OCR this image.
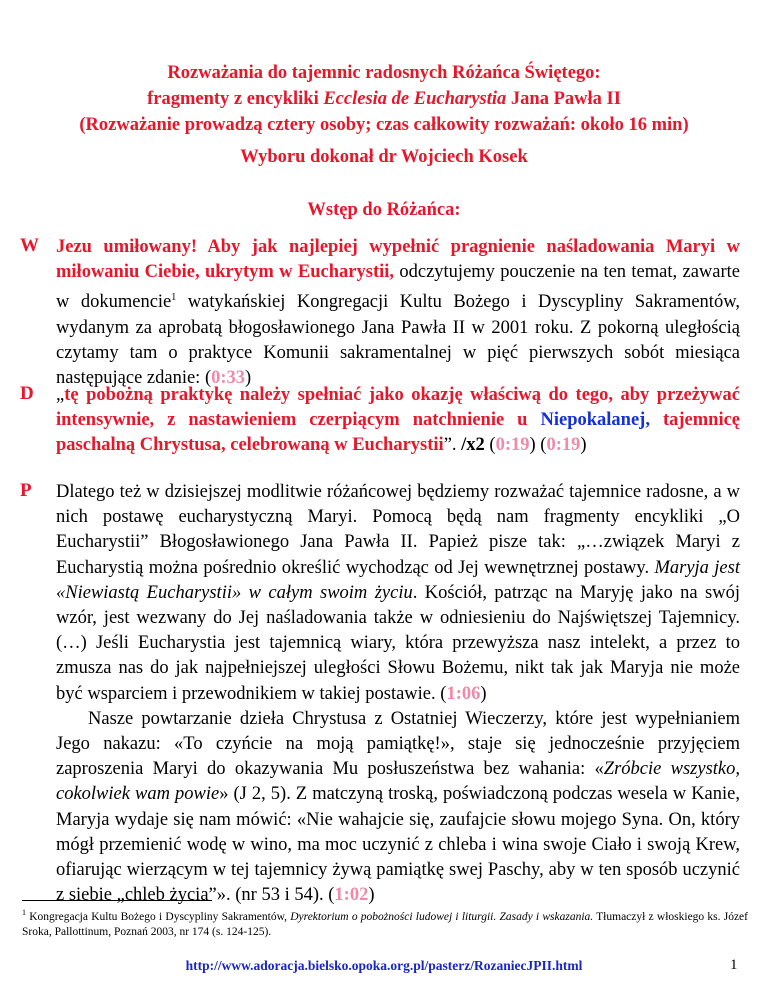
Rozważania do tajemnic radosnych Różańca Świętego:
fragmenty z encykliki Ecclesia de Eucharystia Jana Pawła II
(Rozważanie prowadzą cztery osoby; czas całkowity rozważań: około 16 min)
Wyboru dokonał dr Wojciech Kosek
Wstęp do Różańca:
W Jezu umiłowany! Aby jak najlepiej wypełnić pragnienie naśladowania Maryi w miłowaniu Ciebie, ukrytym w Eucharystii, odczytujemy pouczenie na ten temat, zawarte w dokumencie$^1$ watykańskiej Kongregacji Kultu Bożego i Dyscypliny Sakramentów, wydanym za aprobatą błogosławionego Jana Pawła II w 2001 roku. Z pokorną uległością czytamy tam o praktyce Komunii sakramentalnej w pięć pierwszych sobót miesiąca następujące zdanie: (0:33)
D „tę pobożną praktykę należy spełniać jako okazję właściwą do tego, aby przeżywać intensywnie, z nastawieniem czerpiącym natchnienie u Niepokalanej, tajemnicę paschalną Chrystusa, celebrowaną w Eucharystii”. /x2 (0:19) (0:19)
P Dlatego też w dzisiejszej modlitwie różańcowej będziemy rozważać tajemnice radosne, a w nich postawę eucharystyczną Maryi. Pomocą będą nam fragmenty encykliki „O Eucharystii” Błogosławionego Jana Pawła II. Papież pisze tak: „…związek Maryi z Eucharystią można pośrednio określić wychodząc od Jej wewnętrznej postawy. Maryja jest «Niewiastą Eucharystii» w całym swoim życiu. Kościół, patrząc na Maryję jako na swój wzór, jest wezwany do Jej naśladowania także w odniesieniu do Najświętszej Tajemnicy. (…) Jeśli Eucharystia jest tajemnicą wiary, która przewyższa nasz intelekt, a przez to zmusza nas do jak najpełniejszej uległości Słowu Bożemu, nikt tak jak Maryja nie może być wsparciem i przewodnikiem w takiej postawie. (1:06)
Nasze powtarzanie dzieła Chrystusa z Ostatniej Wieczerzy, które jest wypełnianiem Jego nakazu: «To czyńcie na moją pamiątkę!», staje się jednocześnie przyjęciem zaproszenia Maryi do okazywania Mu posłuszeństwa bez wahania: «Zróbcie wszystko, cokolwiek wam powie» (J 2, 5). Z matczyną troską, poświadczoną podczas wesela w Kanie, Maryja wydaje się nam mówić: «Nie wahajcie się, zaufajcie słowu mojego Syna. On, który mógł przemienić wodę w wino, ma moc uczynić z chleba i wina swoje Ciało i swoją Krew, ofiarując wierzącym w tej tajemnicy żywą pamiątkę swej Paschy, aby w ten sposób uczynić z siebie „chleb życia”». (nr 53 i 54). (1:02)
$^1$ Kongregacja Kultu Bożego i Dyscypliny Sakramentów, Dyrektorium o pobożności ludowej i liturgii. Zasady i wskazania. Tłumaczył z włoskiego ks. Józef Sroka, Pallottinum, Poznań 2003, nr 174 (s. 124-125).
http://www.adoracja.bielsko.opoka.org.pl/pasterz/RozaniecJPII.html	1
